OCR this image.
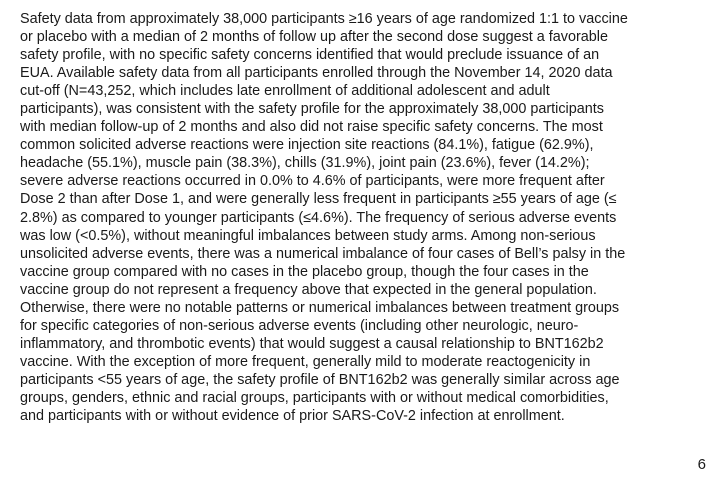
Safety data from approximately 38,000 participants ≥16 years of age randomized 1:1 to vaccine
or placebo with a median of 2 months of follow up after the second dose suggest a favorable
safety profile, with no specific safety concerns identified that would preclude issuance of an
EUA. Available safety data from all participants enrolled through the November 14, 2020 data
cut-off (N=43,252, which includes late enrollment of additional adolescent and adult
participants), was consistent with the safety profile for the approximately 38,000 participants
with median follow-up of 2 months and also did not raise specific safety concerns. The most
common solicited adverse reactions were injection site reactions (84.1%), fatigue (62.9%),
headache (55.1%), muscle pain (38.3%), chills (31.9%), joint pain (23.6%), fever (14.2%);
severe adverse reactions occurred in 0.0% to 4.6% of participants, were more frequent after
Dose 2 than after Dose 1, and were generally less frequent in participants ≥55 years of age (≤
2.8%) as compared to younger participants (≤4.6%). The frequency of serious adverse events
was low (<0.5%), without meaningful imbalances between study arms. Among non-serious
unsolicited adverse events, there was a numerical imbalance of four cases of Bell’s palsy in the
vaccine group compared with no cases in the placebo group, though the four cases in the
vaccine group do not represent a frequency above that expected in the general population.
Otherwise, there were no notable patterns or numerical imbalances between treatment groups
for specific categories of non-serious adverse events (including other neurologic, neuro-
inflammatory, and thrombotic events) that would suggest a causal relationship to BNT162b2
vaccine. With the exception of more frequent, generally mild to moderate reactogenicity in
participants <55 years of age, the safety profile of BNT162b2 was generally similar across age
groups, genders, ethnic and racial groups, participants with or without medical comorbidities,
and participants with or without evidence of prior SARS-CoV-2 infection at enrollment.
6
